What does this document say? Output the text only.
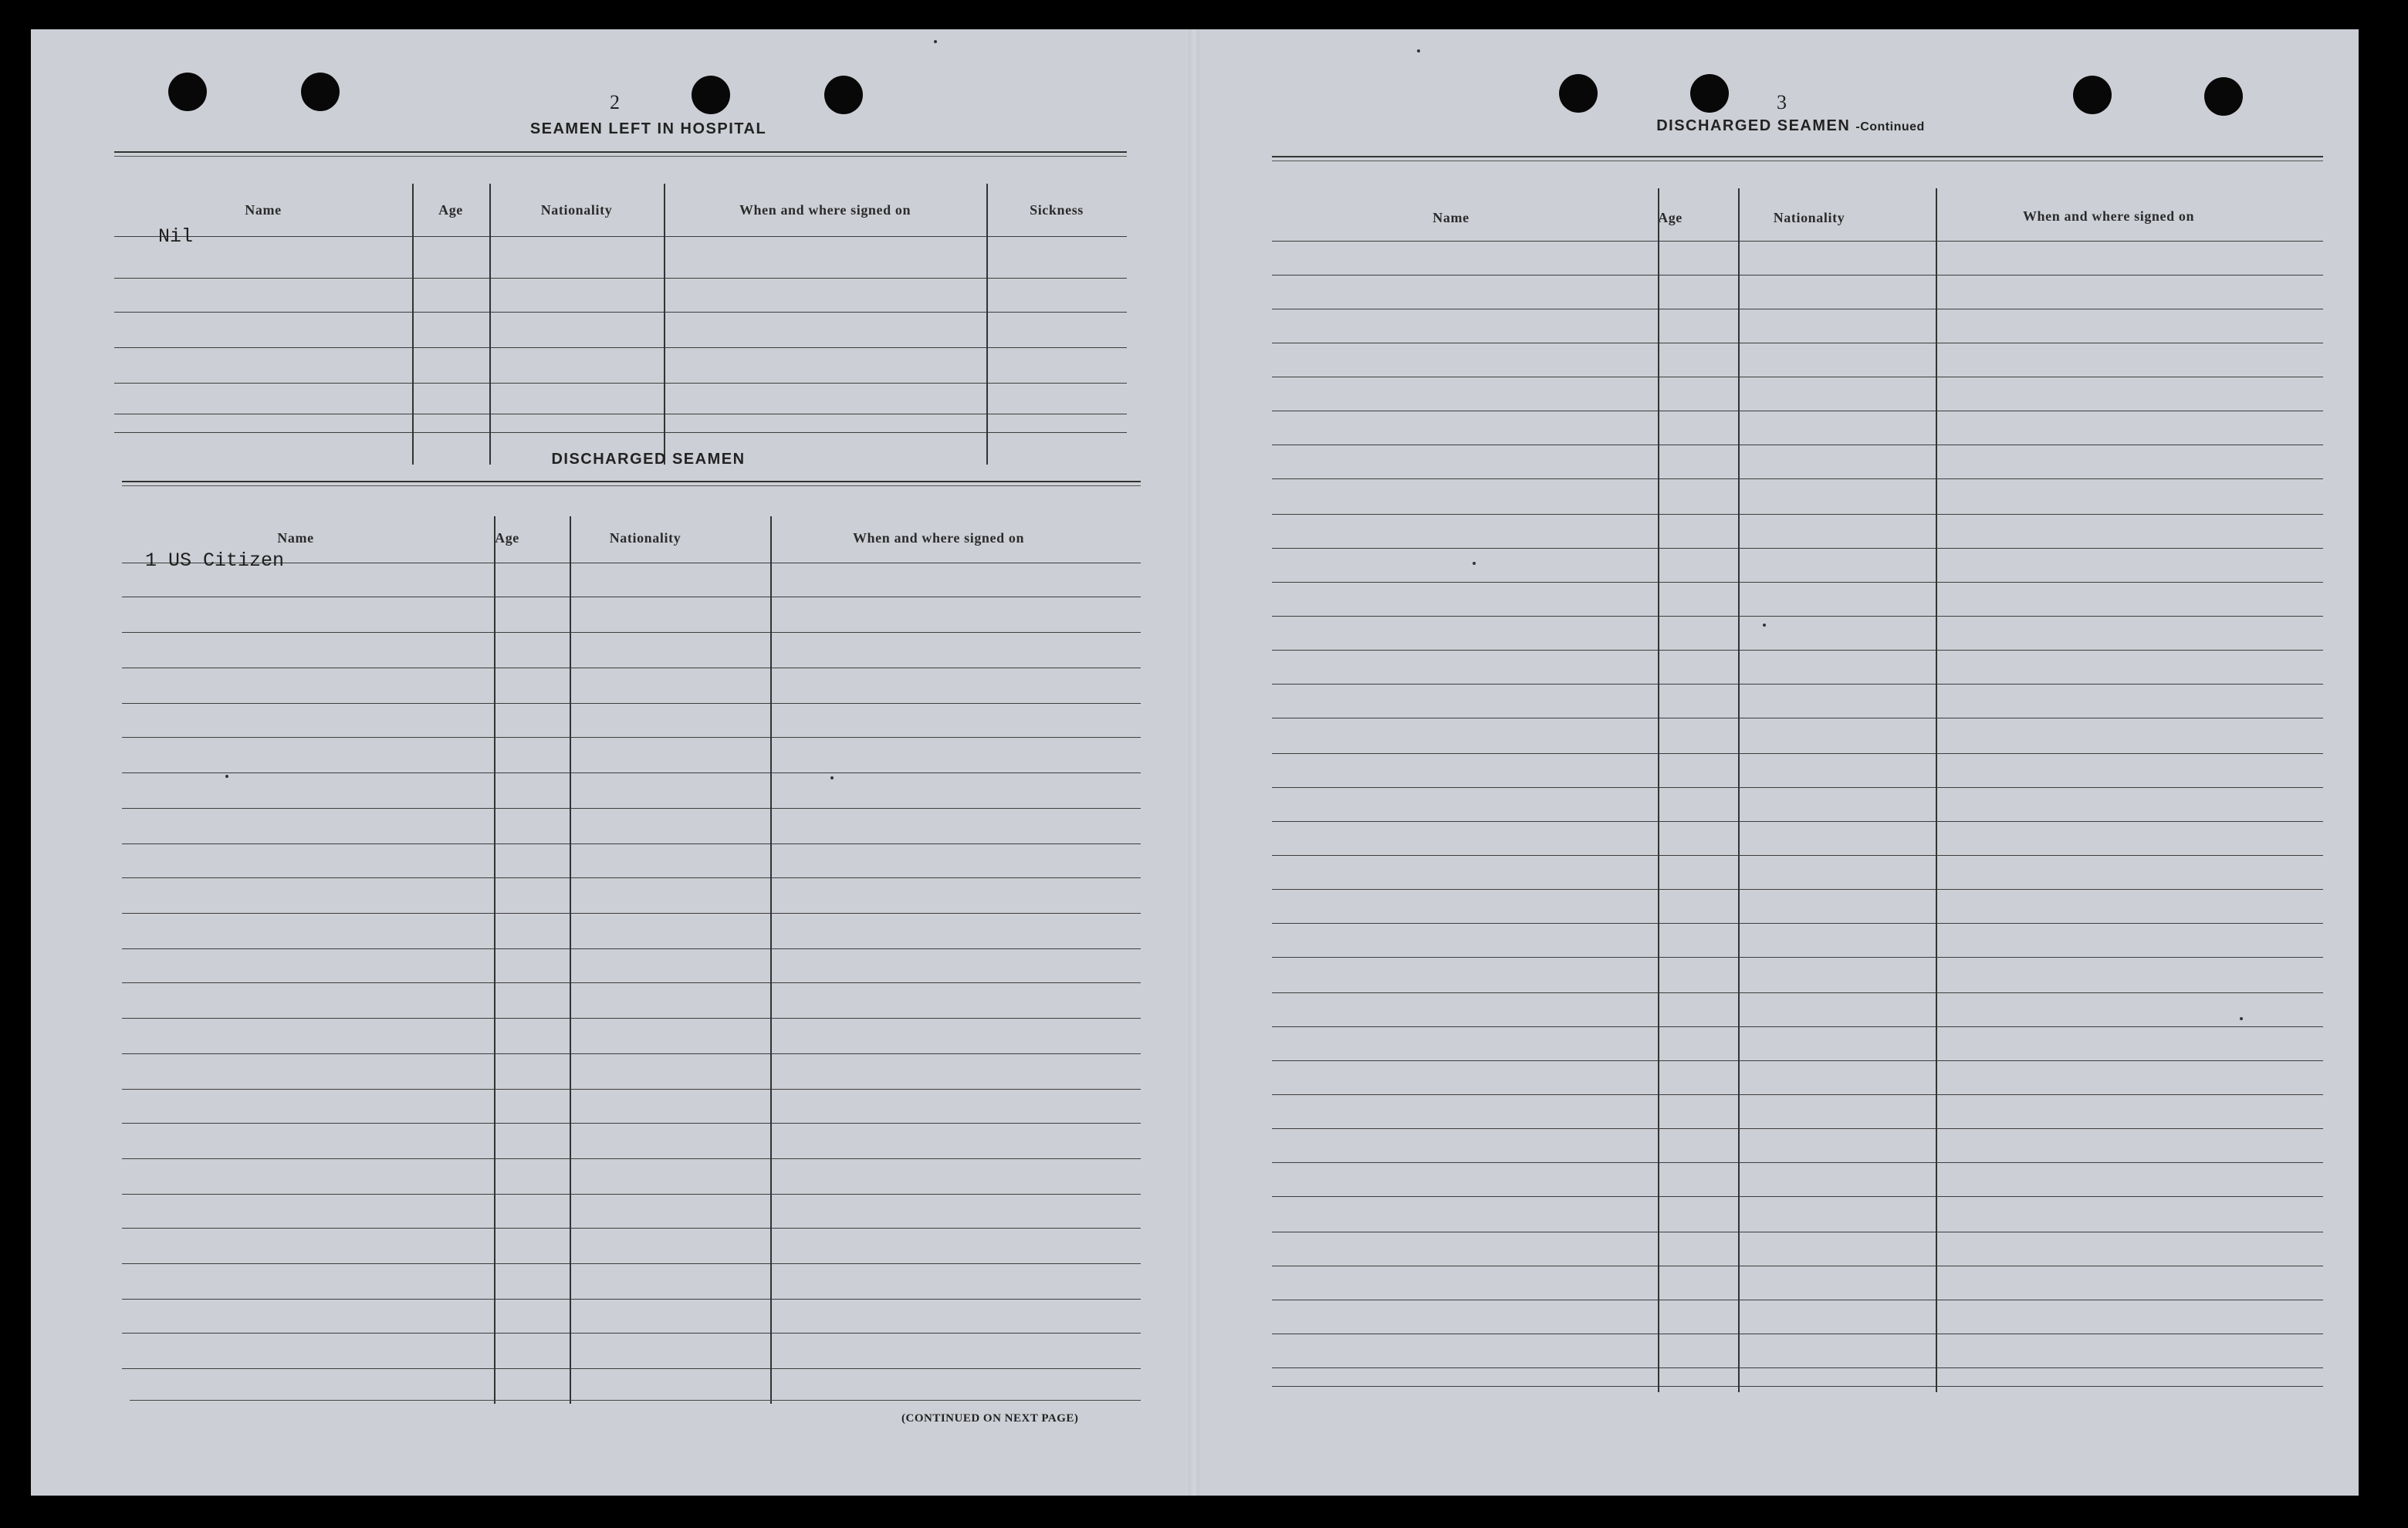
2
SEAMEN LEFT IN HOSPITAL
Name	Age	Nationality	When and where signed on	Sickness
Nil
DISCHARGED SEAMEN
Name	Age	Nationality	When and where signed on
1 US Citizen
(CONTINUED ON NEXT PAGE)
3
DISCHARGED SEAMEN -Continued
Name	Age	Nationality	When and where signed on
